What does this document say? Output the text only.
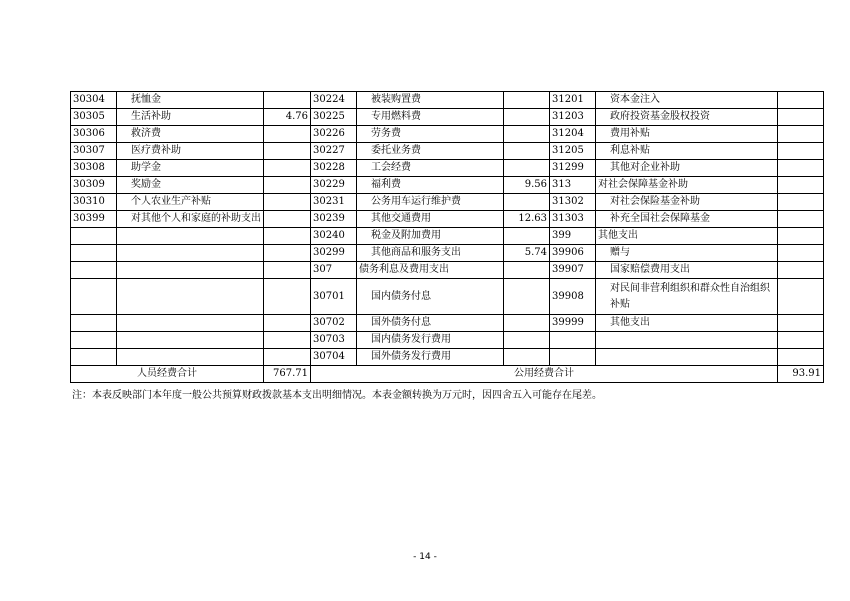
30304	抚恤金		30224	被装购置费		31201	资本金注入	
30305	生活补助	4.76	30225	专用燃料费		31203	政府投资基金股权投资	
30306	救济费		30226	劳务费		31204	费用补贴	
30307	医疗费补助		30227	委托业务费		31205	利息补贴	
30308	助学金		30228	工会经费		31299	其他对企业补助	
30309	奖励金		30229	福利费	9.56	313	对社会保障基金补助	
30310	个人农业生产补贴		30231	公务用车运行维护费		31302	对社会保险基金补助	
30399	对其他个人和家庭的补助支出		30239	其他交通费用	12.63	31303	补充全国社会保障基金	
			30240	税金及附加费用		399	其他支出	
			30299	其他商品和服务支出	5.74	39906	赠与	
			307	债务利息及费用支出		39907	国家赔偿费用支出	
			30701	国内债务付息		39908	对民间非营利组织和群众性自治组织补贴	
			30702	国外债务付息		39999	其他支出	
			30703	国内债务发行费用				
			30704	国外债务发行费用				
人员经费合计		767.71	公用经费合计					93.91
注：本表反映部门本年度一般公共预算财政拨款基本支出明细情况。本表金额转换为万元时，因四舍五入可能存在尾差。
- 14 -
